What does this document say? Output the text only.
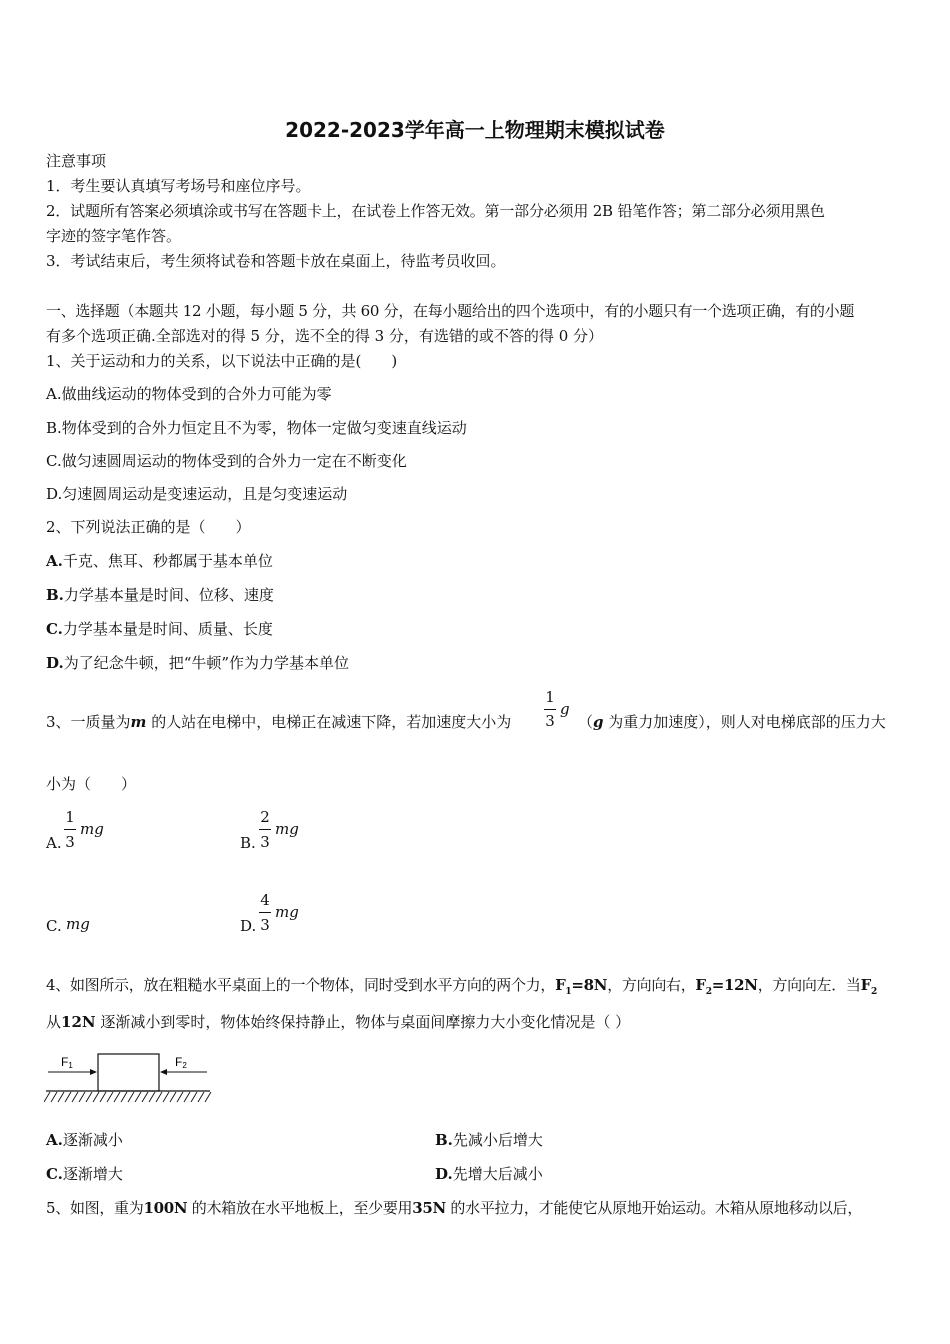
2022-2023学年高一上物理期末模拟试卷
注意事项
1．考生要认真填写考场号和座位序号。
2．试题所有答案必须填涂或书写在答题卡上，在试卷上作答无效。第一部分必须用 2B 铅笔作答；第二部分必须用黑色
字迹的签字笔作答。
3．考试结束后，考生须将试卷和答题卡放在桌面上，待监考员收回。
一、选择题（本题共 12 小题，每小题 5 分，共 60 分，在每小题给出的四个选项中，有的小题只有一个选项正确，有的小题
有多个选项正确.全部选对的得 5 分，选不全的得 3 分，有选错的或不答的得 0 分）
1、关于运动和力的关系，以下说法中正确的是(　　)
A.做曲线运动的物体受到的合外力可能为零
B.物体受到的合外力恒定且不为零，物体一定做匀变速直线运动
C.做匀速圆周运动的物体受到的合外力一定在不断变化
D.匀速圆周运动是变速运动，且是匀变速运动
2、下列说法正确的是（　　）
A.千克、焦耳、秒都属于基本单位
B.力学基本量是时间、位移、速度
C.力学基本量是时间、质量、长度
D.为了纪念牛顿，把“牛顿”作为力学基本单位
3、一质量为m 的人站在电梯中，电梯正在减速下降，若加速度大小为
1
3
g
（g 为重力加速度），则人对电梯底部的压力大
小为（　　）
A.
1
3
mg
B.
2
3
mg
C. mg	D.
4
3
mg
4、如图所示，放在粗糙水平桌面上的一个物体，同时受到水平方向的两个力，$F_1=8N$，方向向右，$F_2=12N$，方向向左．当$F_2$
从12N 逐渐减小到零时，物体始终保持静止，物体与桌面间摩擦力大小变化情况是（ ）
F1	F2
A.逐渐减小	B.先减小后增大
C.逐渐增大	D.先增大后减小
5、如图，重为100N 的木箱放在水平地板上，至少要用35N 的水平拉力，才能使它从原地开始运动。木箱从原地移动以后，
